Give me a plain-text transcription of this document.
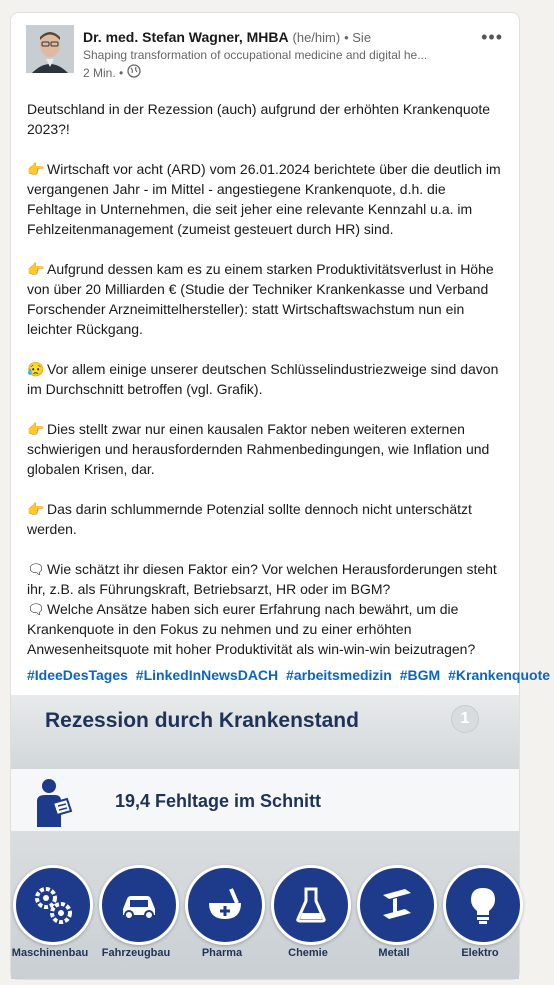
Dr. med. Stefan Wagner, MHBA (he/him) • Sie
Shaping transformation of occupational medicine and digital he...
2 Min. •
•••

Deutschland in der Rezession (auch) aufgrund der erhöhten Krankenquote 2023?!

👉 Wirtschaft vor acht (ARD) vom 26.01.2024 berichtete über die deutlich im vergangenen Jahr - im Mittel - angestiegene Krankenquote, d.h. die Fehltage in Unternehmen, die seit jeher eine relevante Kennzahl u.a. im Fehlzeitenmanagement (zumeist gesteuert durch HR) sind.

👉 Aufgrund dessen kam es zu einem starken Produktivitätsverlust in Höhe von über 20 Milliarden € (Studie der Techniker Krankenkasse und Verband Forschender Arzneimittelhersteller): statt Wirtschaftswachstum nun ein leichter Rückgang.

😥 Vor allem einige unserer deutschen Schlüsselindustriezweige sind davon im Durchschnitt betroffen (vgl. Grafik).

👉 Dies stellt zwar nur einen kausalen Faktor neben weiteren externen schwierigen und herausfordernden Rahmenbedingungen, wie Inflation und globalen Krisen, dar.

👉 Das darin schlummernde Potenzial sollte dennoch nicht unterschätzt werden.

🗨 Wie schätzt ihr diesen Faktor ein? Vor welchen Herausforderungen steht ihr, z.B. als Führungskraft, Betriebsarzt, HR oder im BGM?
🗨 Welche Ansätze haben sich eurer Erfahrung nach bewährt, um die Krankenquote in den Fokus zu nehmen und zu einer erhöhten Anwesenheitsquote mit hoher Produktivität als win-win-win beizutragen?

#IdeeDesTages #LinkedInNewsDACH #arbeitsmedizin #BGM #Krankenquote
Rezession durch Krankenstand	1
19,4 Fehltage im Schnitt
Maschinenbau	Fahrzeugbau	Pharma	Chemie	Metall	Elektro
